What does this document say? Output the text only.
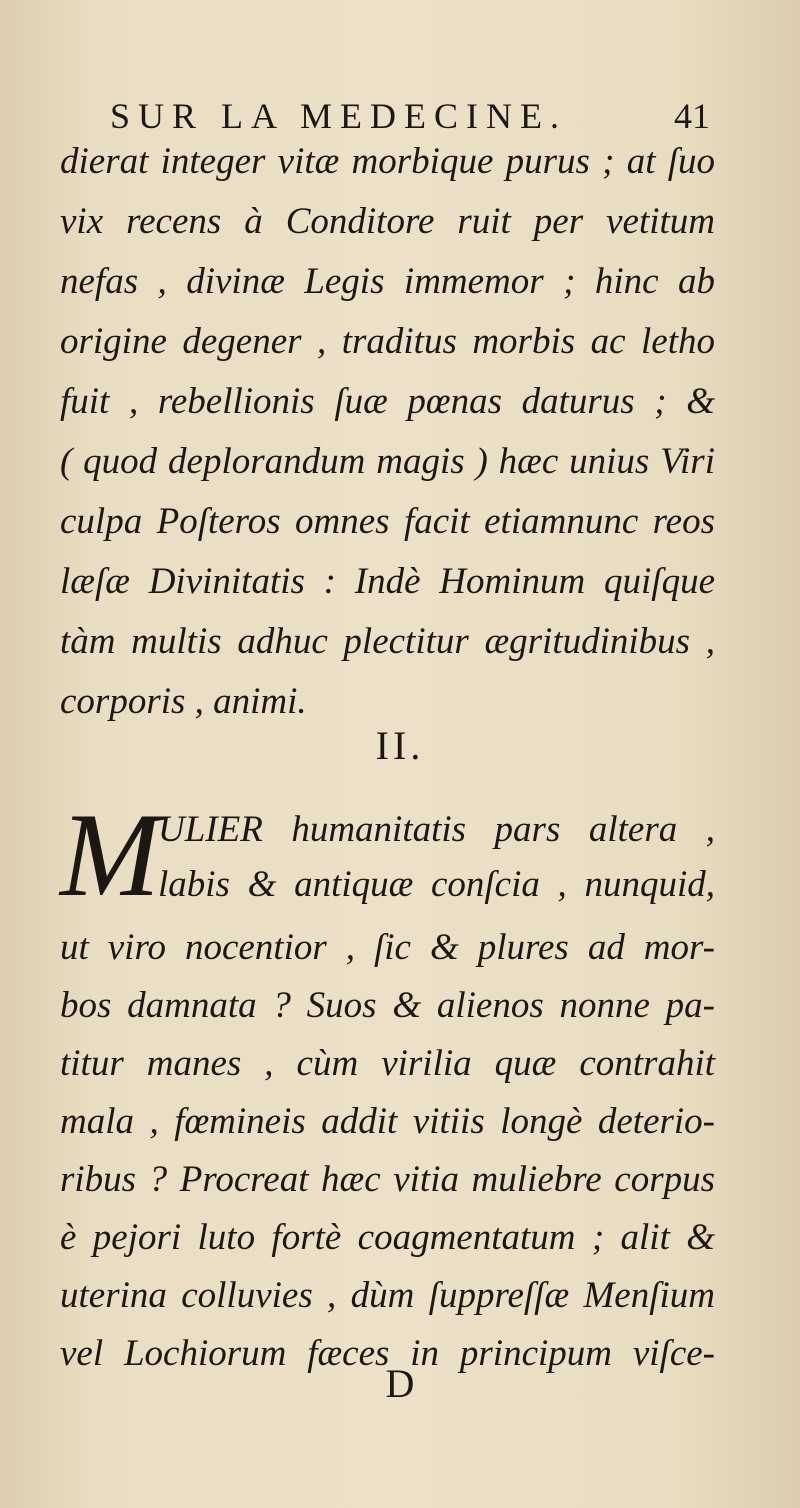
SUR LA MEDECINE.	41
dierat integer vitæ morbique purus ; at ſuo
vix recens à Conditore ruit per vetitum
nefas , divinæ Legis immemor ; hinc ab
origine degener , traditus morbis ac letho
fuit , rebellionis ſuæ pœnas daturus ; &
( quod deplorandum magis ) hæc unius Viri
culpa Poſteros omnes facit etiamnunc reos
læſæ Divinitatis : Indè Hominum quiſque
tàm multis adhuc plectitur ægritudinibus ,
corporis , animi.
II.
M
ULIER humanitatis pars altera ,
labis & antiquæ conſcia , nunquid,
ut viro nocentior , ſic & plures ad mor-
bos damnata ? Suos & alienos nonne pa-
titur manes , cùm virilia quæ contrahit
mala , fœmineis addit vitiis longè deterio-
ribus ? Procreat hæc vitia muliebre corpus
è pejori luto fortè coagmentatum ; alit &
uterina colluvies , dùm ſuppreſſæ Menſium
vel Lochiorum fæces in principum viſce-
D
